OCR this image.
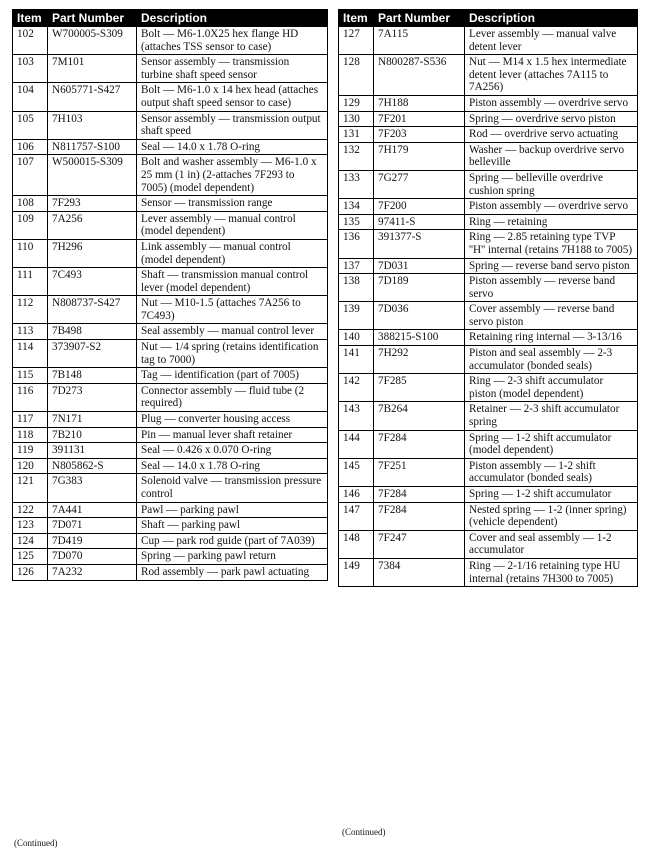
Item	Part Number	Description
102	W700005-S309	Bolt — M6-1.0X25 hex flange HD (attaches TSS sensor to case)
103	7M101	Sensor assembly — transmission turbine shaft speed sensor
104	N605771-S427	Bolt — M6-1.0 x 14 hex head (attaches output shaft speed sensor to case)
105	7H103	Sensor assembly — transmission output shaft speed
106	N811757-S100	Seal — 14.0 x 1.78 O-ring
107	W500015-S309	Bolt and washer assembly — M6-1.0 x 25 mm (1 in) (2-attaches 7F293 to 7005) (model dependent)
108	7F293	Sensor — transmission range
109	7A256	Lever assembly — manual control (model dependent)
110	7H296	Link assembly — manual control (model dependent)
111	7C493	Shaft — transmission manual control lever (model dependent)
112	N808737-S427	Nut — M10-1.5 (attaches 7A256 to 7C493)
113	7B498	Seal assembly — manual control lever
114	373907-S2	Nut — 1/4 spring (retains identification tag to 7000)
115	7B148	Tag — identification (part of 7005)
116	7D273	Connector assembly — fluid tube (2 required)
117	7N171	Plug — converter housing access
118	7B210	Pin — manual lever shaft retainer
119	391131	Seal — 0.426 x 0.070 O-ring
120	N805862-S	Seal — 14.0 x 1.78 O-ring
121	7G383	Solenoid valve — transmission pressure control
122	7A441	Pawl — parking pawl
123	7D071	Shaft — parking pawl
124	7D419	Cup — park rod guide (part of 7A039)
125	7D070	Spring — parking pawl return
126	7A232	Rod assembly — park pawl actuating
Item	Part Number	Description
127	7A115	Lever assembly — manual valve detent lever
128	N800287-S536	Nut — M14 x 1.5 hex intermediate detent lever (attaches 7A115 to 7A256)
129	7H188	Piston assembly — overdrive servo
130	7F201	Spring — overdrive servo piston
131	7F203	Rod — overdrive servo actuating
132	7H179	Washer — backup overdrive servo belleville
133	7G277	Spring — belleville overdrive cushion spring
134	7F200	Piston assembly — overdrive servo
135	97411-S	Ring — retaining
136	391377-S	Ring — 2.85 retaining type TVP ''H'' internal (retains 7H188 to 7005)
137	7D031	Spring — reverse band servo piston
138	7D189	Piston assembly — reverse band servo
139	7D036	Cover assembly — reverse band servo piston
140	388215-S100	Retaining ring internal — 3-13/16
141	7H292	Piston and seal assembly — 2-3 accumulator (bonded seals)
142	7F285	Ring — 2-3 shift accumulator piston (model dependent)
143	7B264	Retainer — 2-3 shift accumulator spring
144	7F284	Spring — 1-2 shift accumulator (model dependent)
145	7F251	Piston assembly — 1-2 shift accumulator (bonded seals)
146	7F284	Spring — 1-2 shift accumulator
147	7F284	Nested spring — 1-2 (inner spring) (vehicle dependent)
148	7F247	Cover and seal assembly — 1-2 accumulator
149	7384	Ring — 2-1/16 retaining type HU internal (retains 7H300 to 7005)
(Continued)
(Continued)
